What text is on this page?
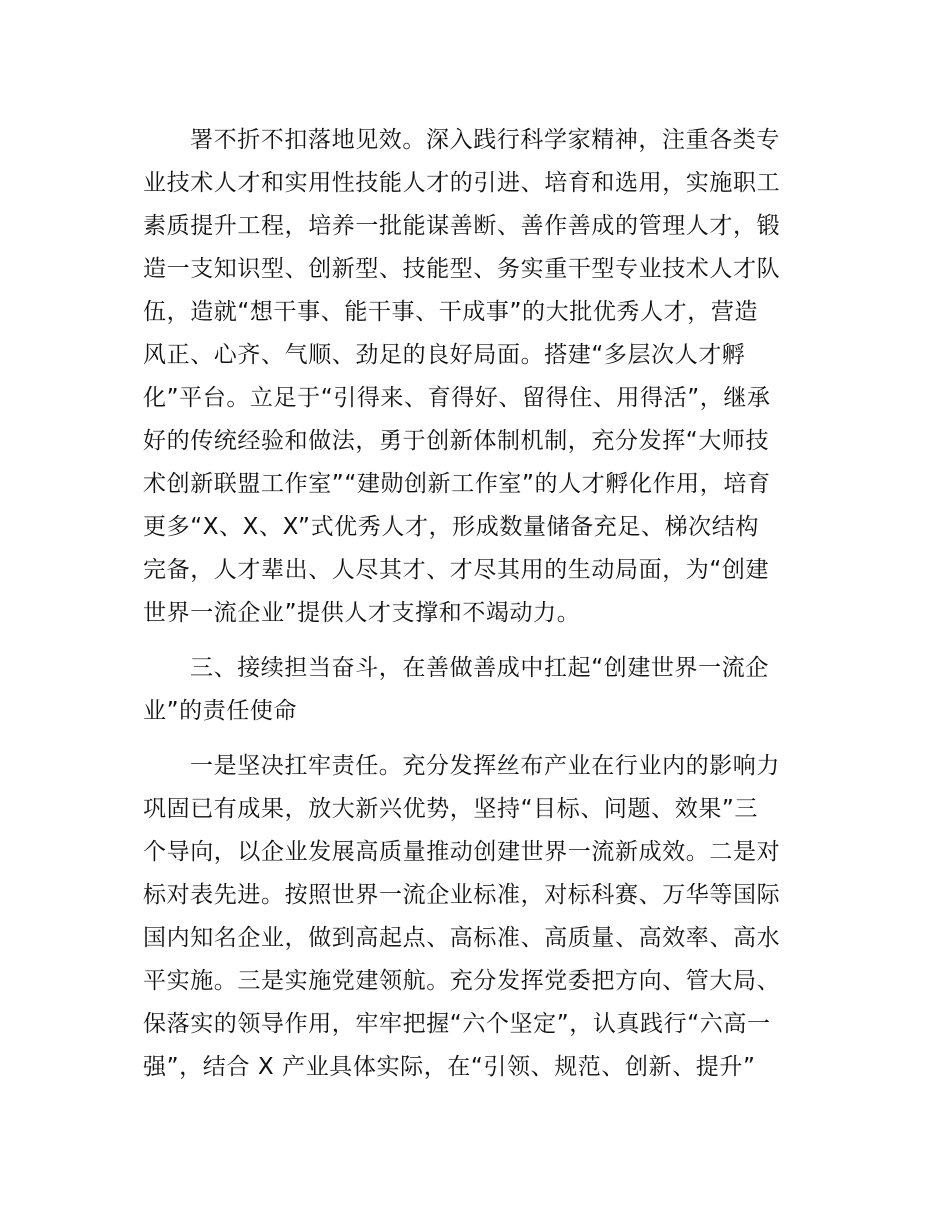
署不折不扣落地见效。深入践行科学家精神，注重各类专

业技术人才和实用性技能人才的引进、培育和选用，实施职工

素质提升工程，培养一批能谋善断、善作善成的管理人才，锻

造一支知识型、创新型、技能型、务实重干型专业技术人才队

伍，造就“想干事、能干事、干成事”的大批优秀人才，营造

风正、心齐、气顺、劲足的良好局面。搭建“多层次人才孵

化”平台。立足于“引得来、育得好、留得住、用得活”，继承

好的传统经验和做法，勇于创新体制机制，充分发挥“大师技

术创新联盟工作室”“建勋创新工作室”的人才孵化作用，培育

更多“X、X、X”式优秀人才，形成数量储备充足、梯次结构

完备，人才辈出、人尽其才、才尽其用的生动局面，为“创建

世界一流企业”提供人才支撑和不竭动力。

三、接续担当奋斗，在善做善成中扛起“创建世界一流企

业”的责任使命

一是坚决扛牢责任。充分发挥丝布产业在行业内的影响力

巩固已有成果，放大新兴优势，坚持“目标、问题、效果”三

个导向，以企业发展高质量推动创建世界一流新成效。二是对

标对表先进。按照世界一流企业标准，对标科赛、万华等国际

国内知名企业，做到高起点、高标准、高质量、高效率、高水

平实施。三是实施党建领航。充分发挥党委把方向、管大局、

保落实的领导作用，牢牢把握“六个坚定”，认真践行“六高一

强”，结合 X 产业具体实际，在“引领、规范、创新、提升”
